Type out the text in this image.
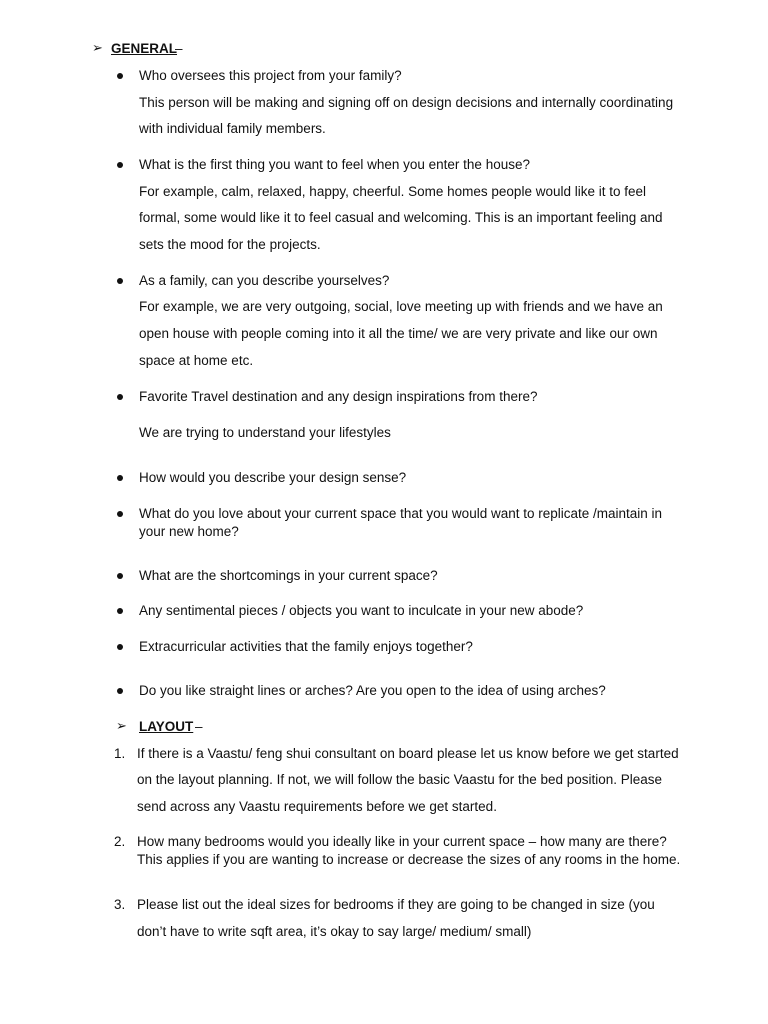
➢ GENERAL
–
Who oversees this project from your family?
This person will be making and signing off on design decisions and internally coordinating
with individual family members.
What is the first thing you want to feel when you enter the house?
For example, calm, relaxed, happy, cheerful. Some homes people would like it to feel
formal, some would like it to feel casual and welcoming. This is an important feeling and
sets the mood for the projects.
As a family, can you describe yourselves?
For example, we are very outgoing, social, love meeting up with friends and we have an
open house with people coming into it all the time/ we are very private and like our own
space at home etc.
Favorite Travel destination and any design inspirations from there?
We are trying to understand your lifestyles
How would you describe your design sense?
What do you love about your current space that you would want to replicate /maintain in
your new home?
What are the shortcomings in your current space?
Any sentimental pieces / objects you want to inculcate in your new abode?
Extracurricular activities that the family enjoys together?
Do you like straight lines or arches? Are you open to the idea of using arches?
➢ LAYOUT –
1. If there is a Vaastu/ feng shui consultant on board please let us know before we get started
on the layout planning. If not, we will follow the basic Vaastu for the bed position. Please
send across any Vaastu requirements before we get started.
2. How many bedrooms would you ideally like in your current space – how many are there?
This applies if you are wanting to increase or decrease the sizes of any rooms in the home.
3. Please list out the ideal sizes for bedrooms if they are going to be changed in size (you
don’t have to write sqft area, it’s okay to say large/ medium/ small)
